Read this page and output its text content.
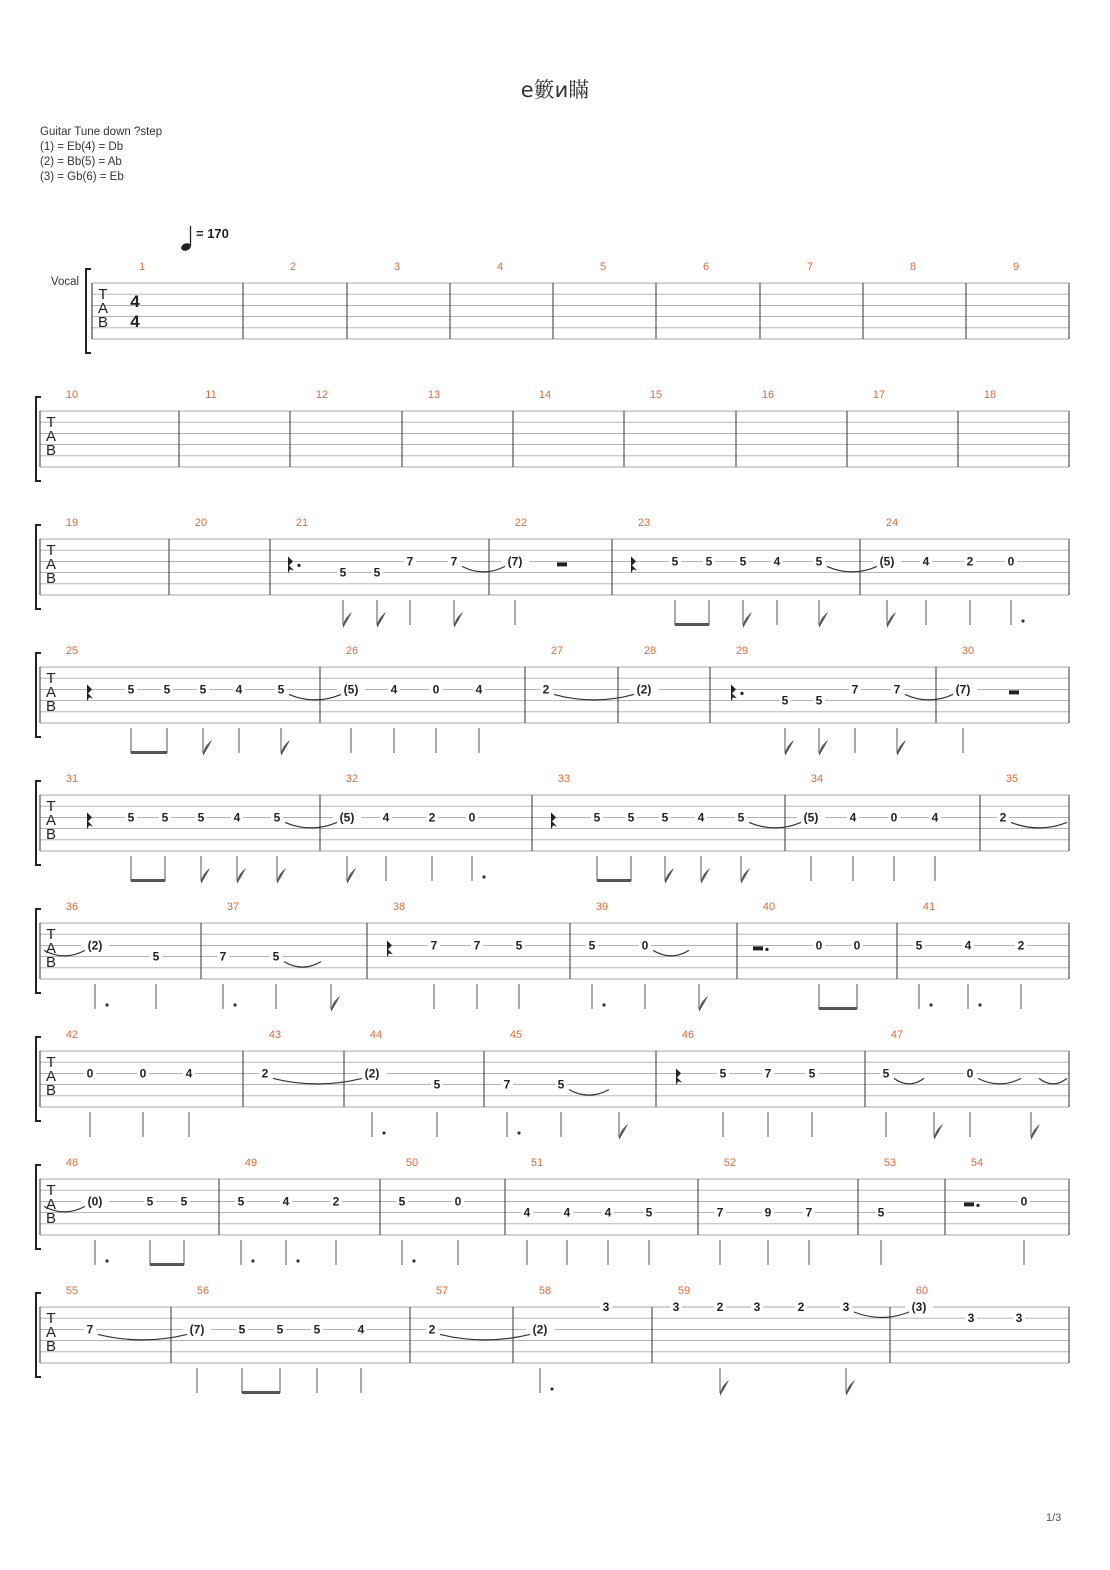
e籔и瞞
Guitar Tune down ?step
(1) = Eb(4) = Db
(2) = Bb(5) = Ab
(3) = Gb(6) = Eb
= 170
Vocal
T
A
B
4
4
1	2	3	4	5	6	7	8	9
T
A
B
10	11	12	13	14	15	16	17	18
T
A
B
19	20	21	22	23	24
5 5
7	7	(7)	5 5 5 4	5	(5) 4	2	0
T
A
B
25	26	27	28	29	30
5 5 5 4	5	(5)	4	0	4	2	(2)
5 5
7	7	(7)
T
A
B
31	32	33	34	35
5 5 5 4	5	(5) 4	2	0	5 5 5 4	5	(5)	4	0	4	2
T
A
B
36	37	38	39	40	41
(2)
5	7	5
7	7	5	5	0	0	0	5	4	2
T
A
B
42	43	44	45	46	47
0	0	4	2	(2)
5	7	5
5	7	5	5	0
T
A
B
48	49	50	51	52	53	54
(0)	5 5	5	4	2	5	0
4	4	4	5	7	9	7	5
0
T
A
B
55	56	57	58	59	60
7	(7)	5	5	5	4	2	(2)
3	3	2	3	2	3	(3)
3	3
1/3
